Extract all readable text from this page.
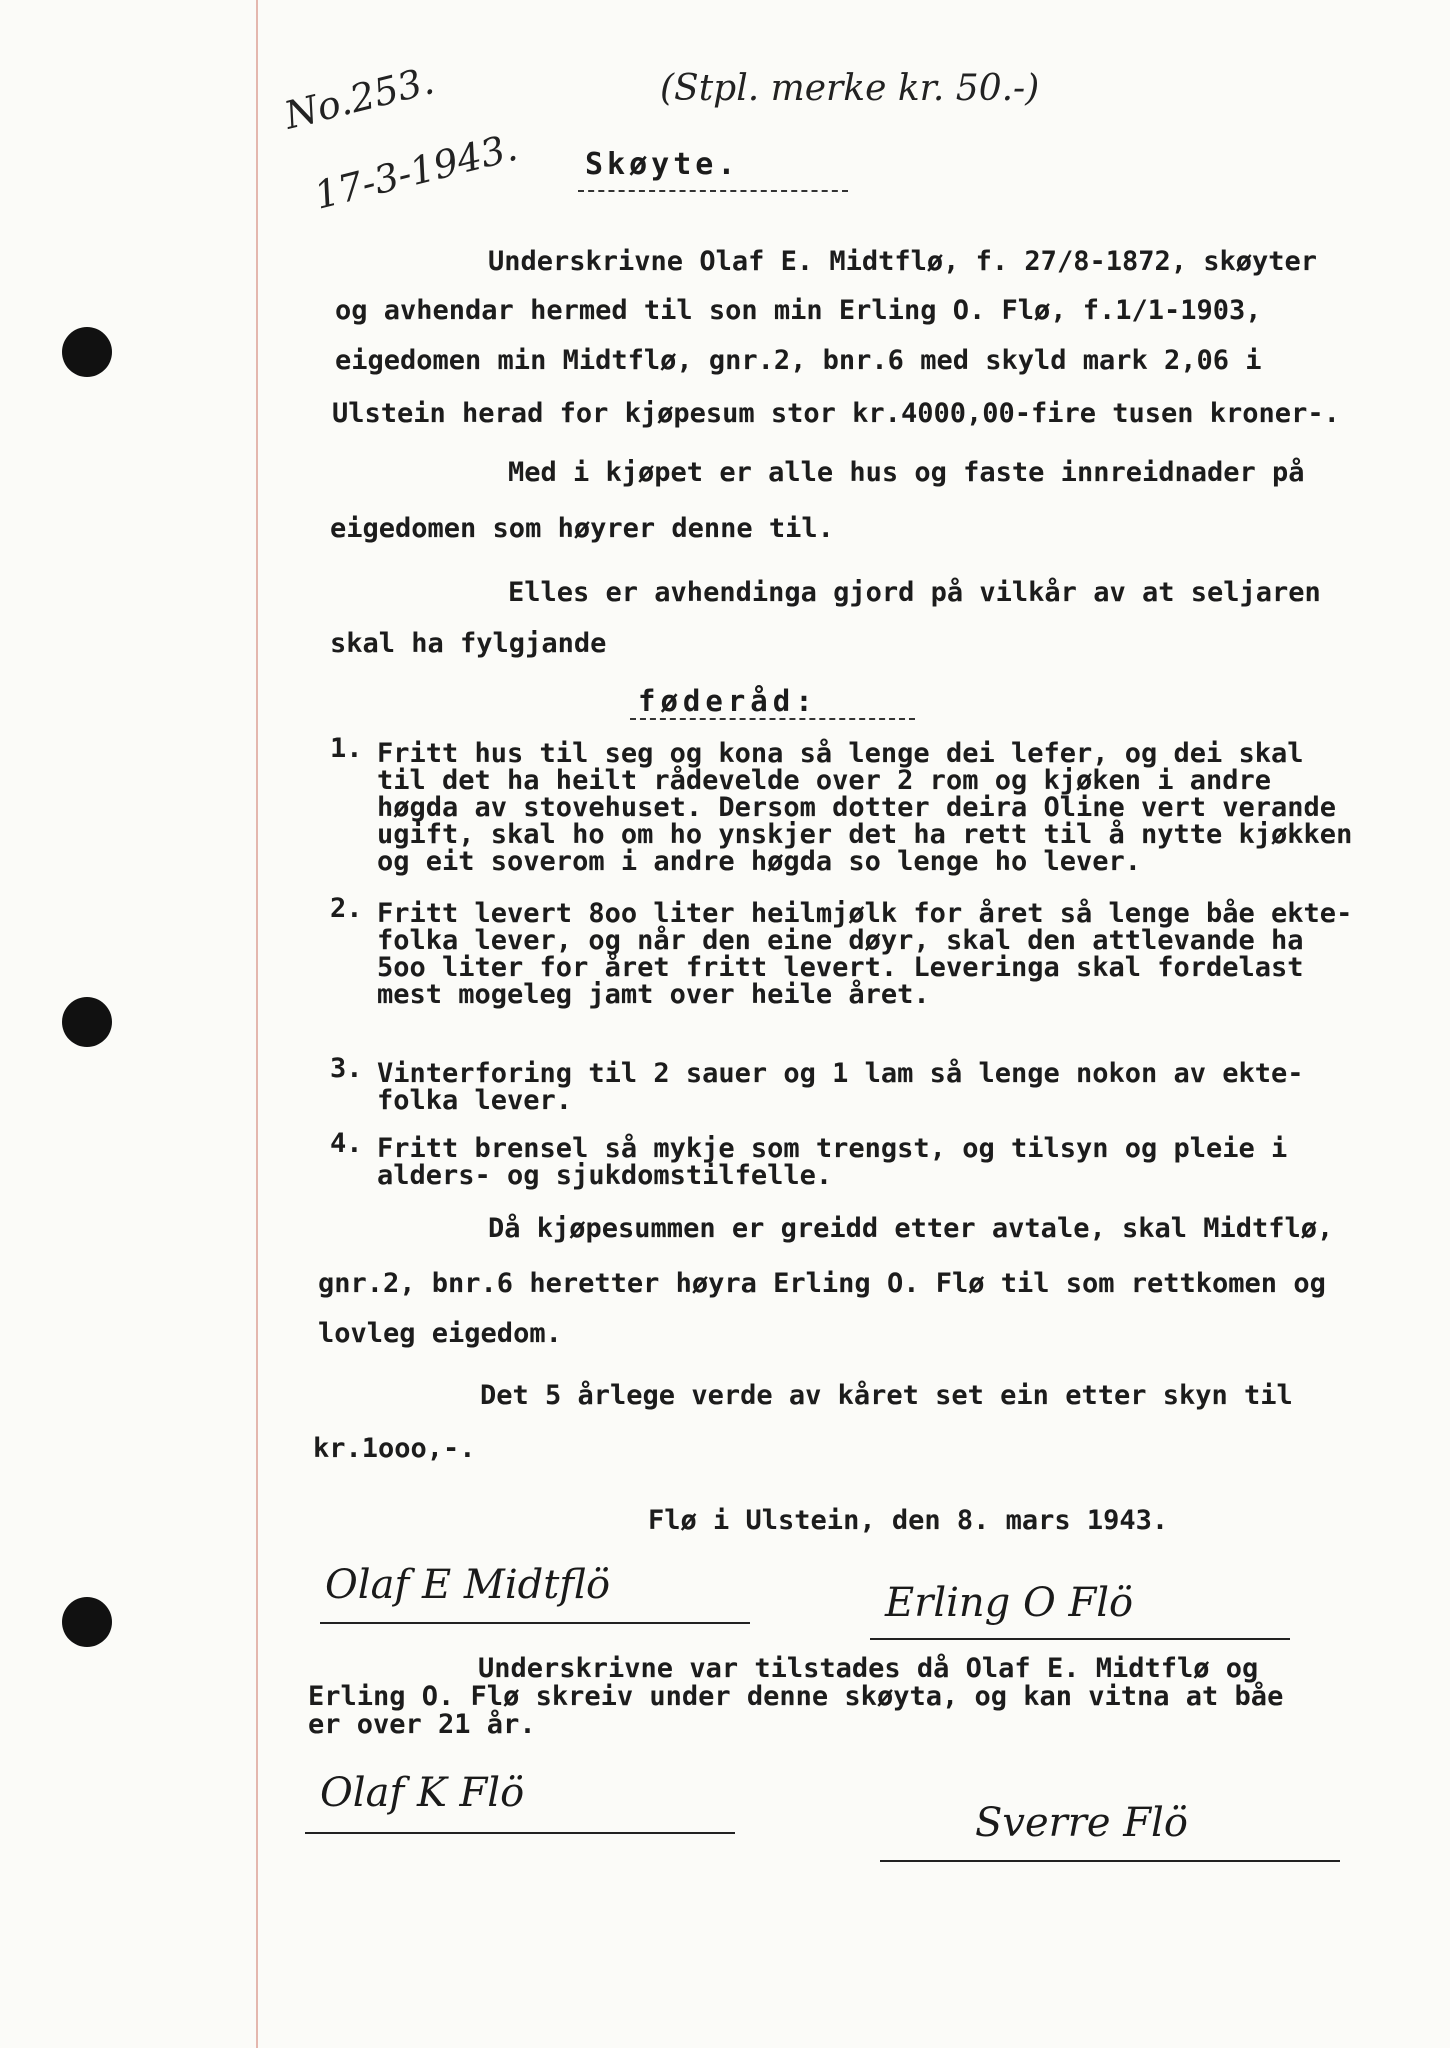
No.253.
17-3-1943.
(Stpl. merke kr. 50.-)
Skøyte.
Underskrivne Olaf E. Midtflø, f. 27/8-1872, skøyter
og avhendar hermed til son min Erling O. Flø, f.1/1-1903,
eigedomen min Midtflø, gnr.2, bnr.6 med skyld mark 2,06 i
Ulstein herad for kjøpesum stor kr.4000,00-fire tusen kroner-.
Med i kjøpet er alle hus og faste innreidnader på
eigedomen som høyrer denne til.
Elles er avhendinga gjord på vilkår av at seljaren
skal ha fylgjande
føderåd:
1. Fritt hus til seg og kona så lenge dei lefer, og dei skal
til det ha heilt rådevelde over 2 rom og kjøken i andre
høgda av stovehuset. Dersom dotter deira Oline vert verande
ugift, skal ho om ho ynskjer det ha rett til å nytte kjøkken
og eit soverom i andre høgda so lenge ho lever.
2. Fritt levert 8oo liter heilmjølk for året så lenge båe ekte-
folka lever, og når den eine døyr, skal den attlevande ha
5oo liter for året fritt levert. Leveringa skal fordelast
mest mogeleg jamt over heile året.
3. Vinterforing til 2 sauer og 1 lam så lenge nokon av ekte-
folka lever.
4. Fritt brensel så mykje som trengst, og tilsyn og pleie i
alders- og sjukdomstilfelle.
Då kjøpesummen er greidd etter avtale, skal Midtflø,
gnr.2, bnr.6 heretter høyra Erling O. Flø til som rettkomen og
lovleg eigedom.
Det 5 årlege verde av kåret set ein etter skyn til
kr.1ooo,-.
Flø i Ulstein, den 8. mars 1943.
Olaf E Midtflö	Erling O Flö
Underskrivne var tilstades då Olaf E. Midtflø og
Erling O. Flø skreiv under denne skøyta, og kan vitna at båe
er over 21 år.
Olaf K Flö
Sverre Flö
